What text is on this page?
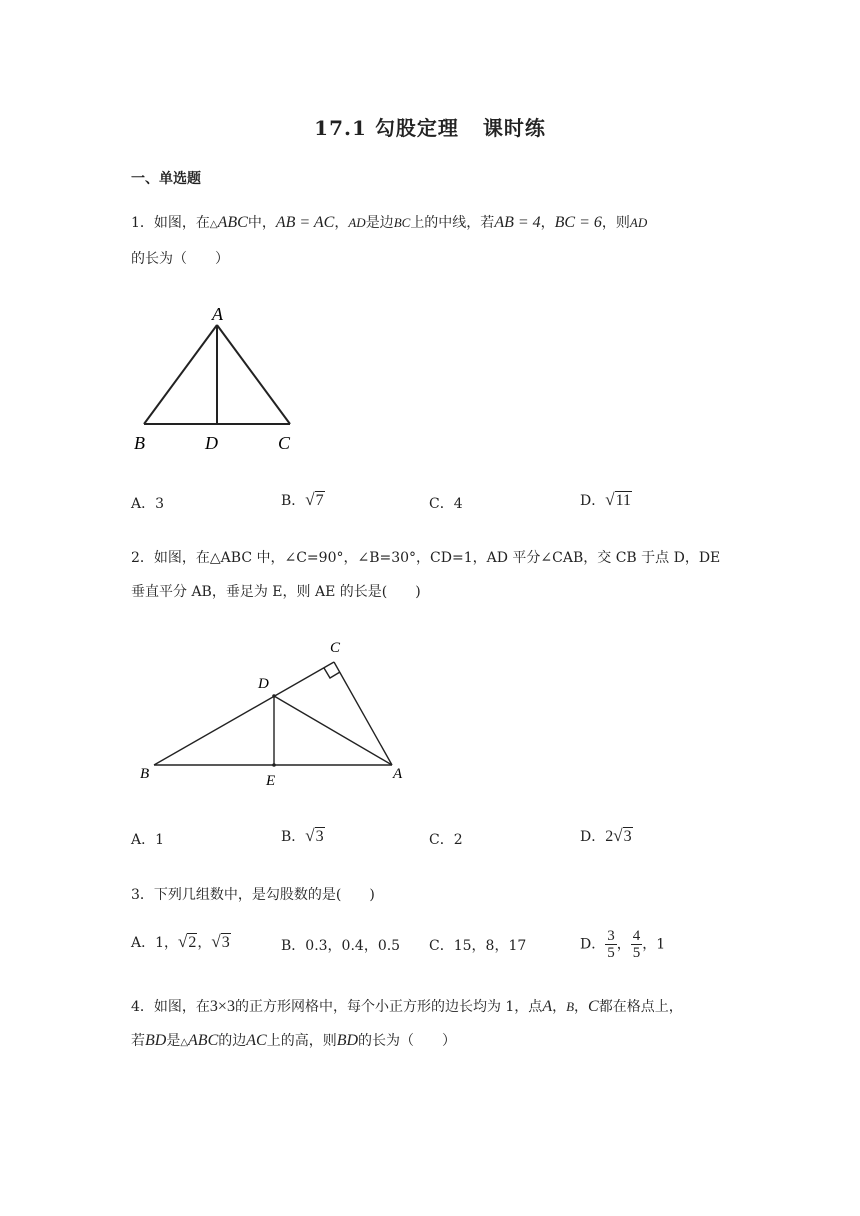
17.1 勾股定理 课时练
一、单选题
1．如图，在△ABC中，AB = AC，AD是边BC上的中线，若AB = 4，BC = 6，则AD
的长为（　　）
A
B	D	C
A．3	B．√7	C．4	D．√11
2．如图，在△ABC 中，∠C=90°，∠B=30°，CD=1，AD 平分∠CAB，交 CB 于点 D，DE
垂直平分 AB，垂足为 E，则 AE 的长是(　　)
C
D
B	E	A
A．1	B．√3	C．2	D．2√3
3．下列几组数中，是勾股数的是(　　)
A．1，√2，√3	B．0.3，0.4，0.5 C．15，8，17	D． $\frac{3}{5}$ ， $\frac{4}{5}$ ，1
4．如图，在3×3的正方形网格中，每个小正方形的边长均为 1，点A，B，C都在格点上，
若BD是△ABC的边AC上的高，则BD的长为（　　）
